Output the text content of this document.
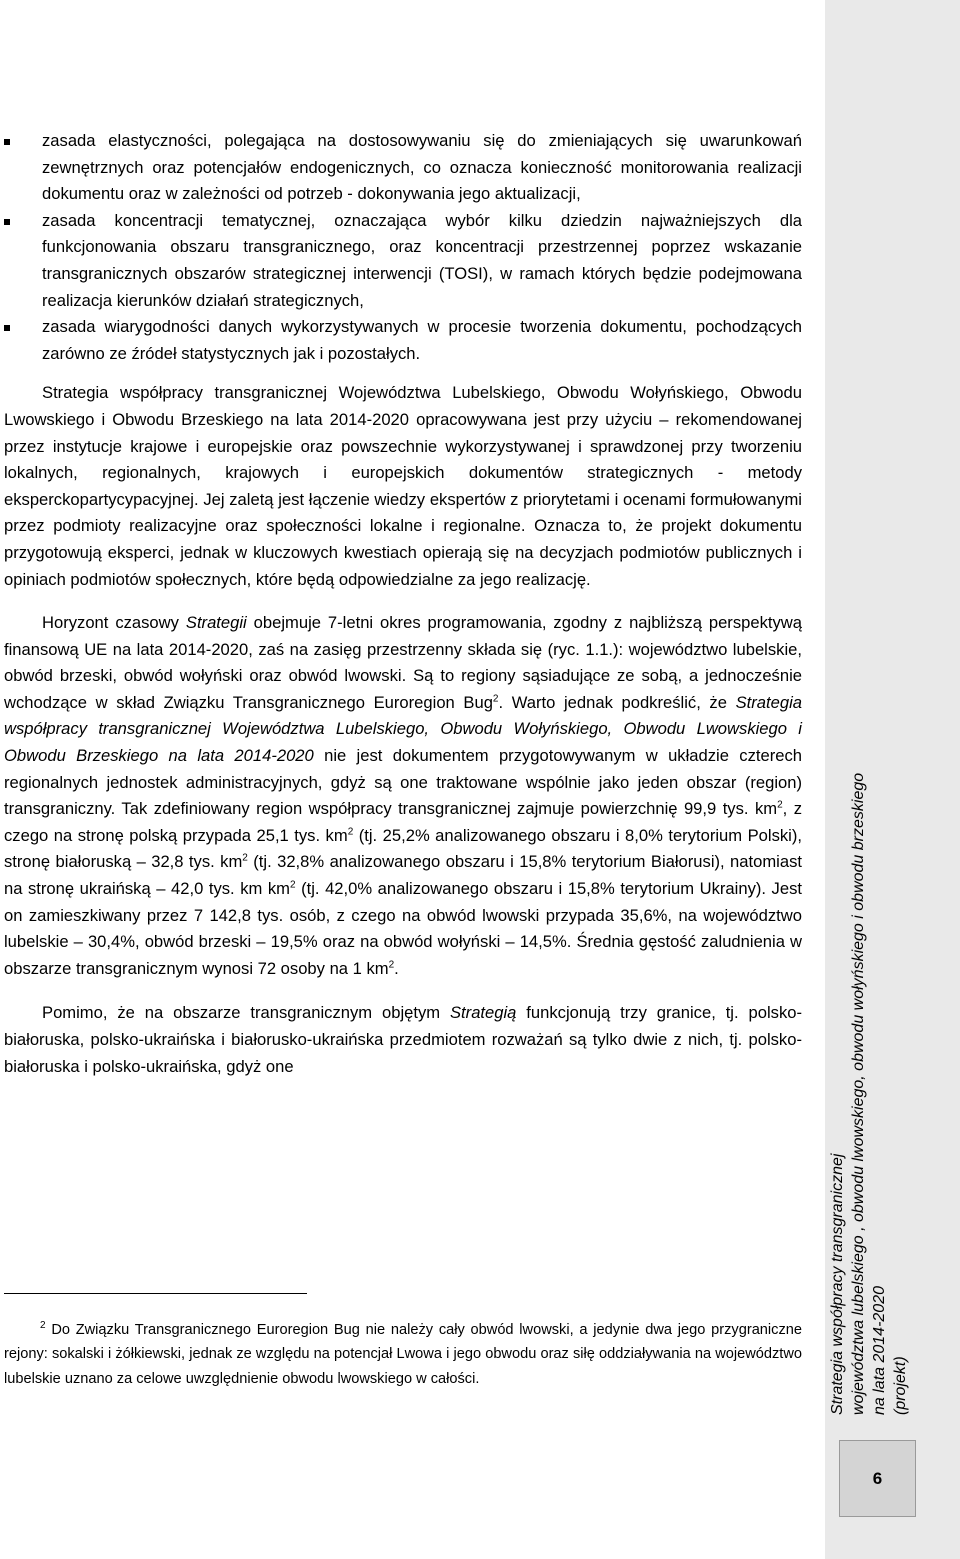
zasada elastyczności, polegająca na dostosowywaniu się do zmieniających się uwarunkowań zewnętrznych oraz potencjałów endogenicznych, co oznacza konieczność monitorowania realizacji dokumentu oraz w zależności od potrzeb - dokonywania jego aktualizacji,
zasada koncentracji tematycznej, oznaczająca wybór kilku dziedzin najważniejszych dla funkcjonowania obszaru transgranicznego, oraz koncentracji przestrzennej poprzez wskazanie transgranicznych obszarów strategicznej interwencji (TOSI), w ramach których będzie podejmowana realizacja kierunków działań strategicznych,
zasada wiarygodności danych wykorzystywanych w procesie tworzenia dokumentu, pochodzących zarówno ze źródeł statystycznych jak i pozostałych.

Strategia współpracy transgranicznej Województwa Lubelskiego, Obwodu Wołyńskiego, Obwodu Lwowskiego i Obwodu Brzeskiego na lata 2014-2020 opracowywana jest przy użyciu – rekomendowanej przez instytucje krajowe i europejskie oraz powszechnie wykorzystywanej i sprawdzonej przy tworzeniu lokalnych, regionalnych, krajowych i europejskich dokumentów strategicznych - metody eksperckopartycypacyjnej. Jej zaletą jest łączenie wiedzy ekspertów z priorytetami i ocenami formułowanymi przez podmioty realizacyjne oraz społeczności lokalne i regionalne. Oznacza to, że projekt dokumentu przygotowują eksperci, jednak w kluczowych kwestiach opierają się na decyzjach podmiotów publicznych i opiniach podmiotów społecznych, które będą odpowiedzialne za jego realizację.

Horyzont czasowy Strategii obejmuje 7-letni okres programowania, zgodny z najbliższą perspektywą finansową UE na lata 2014-2020, zaś na zasięg przestrzenny składa się (ryc. 1.1.): województwo lubelskie, obwód brzeski, obwód wołyński oraz obwód lwowski. Są to regiony sąsiadujące ze sobą, a jednocześnie wchodzące w skład Związku Transgranicznego Euroregion Bug$^2$. Warto jednak podkreślić, że Strategia współpracy transgranicznej Województwa Lubelskiego, Obwodu Wołyńskiego, Obwodu Lwowskiego i Obwodu Brzeskiego na lata 2014-2020 nie jest dokumentem przygotowywanym w układzie czterech regionalnych jednostek administracyjnych, gdyż są one traktowane wspólnie jako jeden obszar (region) transgraniczny. Tak zdefiniowany region współpracy transgranicznej zajmuje powierzchnię 99,9 tys. $km^2$, z czego na stronę polską przypada 25,1 tys. $km^2$ (tj. 25,2% analizowanego obszaru i 8,0% terytorium Polski), stronę białoruską – 32,8 tys. $km^2$ (tj. 32,8% analizowanego obszaru i 15,8% terytorium Białorusi), natomiast na stronę ukraińską – 42,0 tys. km $km^2$ (tj. 42,0% analizowanego obszaru i 15,8% terytorium Ukrainy). Jest on zamieszkiwany przez 7 142,8 tys. osób, z czego na obwód lwowski przypada 35,6%, na województwo lubelskie – 30,4%, obwód brzeski – 19,5% oraz na obwód wołyński – 14,5%. Średnia gęstość zaludnienia w obszarze transgranicznym wynosi 72 osoby na 1 $km^2$.

Pomimo, że na obszarze transgranicznym objętym Strategią funkcjonują trzy granice, tj. polsko-białoruska, polsko-ukraińska i białorusko-ukraińska przedmiotem rozważań są tylko dwie z nich, tj. polsko-białoruska i polsko-ukraińska, gdyż one

$^2$ Do Związku Transgranicznego Euroregion Bug nie należy cały obwód lwowski, a jedynie dwa jego przygraniczne rejony: sokalski i żółkiewski, jednak ze względu na potencjał Lwowa i jego obwodu oraz siłę oddziaływania na województwo lubelskie uznano za celowe uwzględnienie obwodu lwowskiego w całości.	Strategia współpracy transgranicznej województwa lubelskiego , obwodu lwowskiego, obwodu wołyńskiego i obwodu brzeskiego na lata 2014-2020 (projekt)
6
